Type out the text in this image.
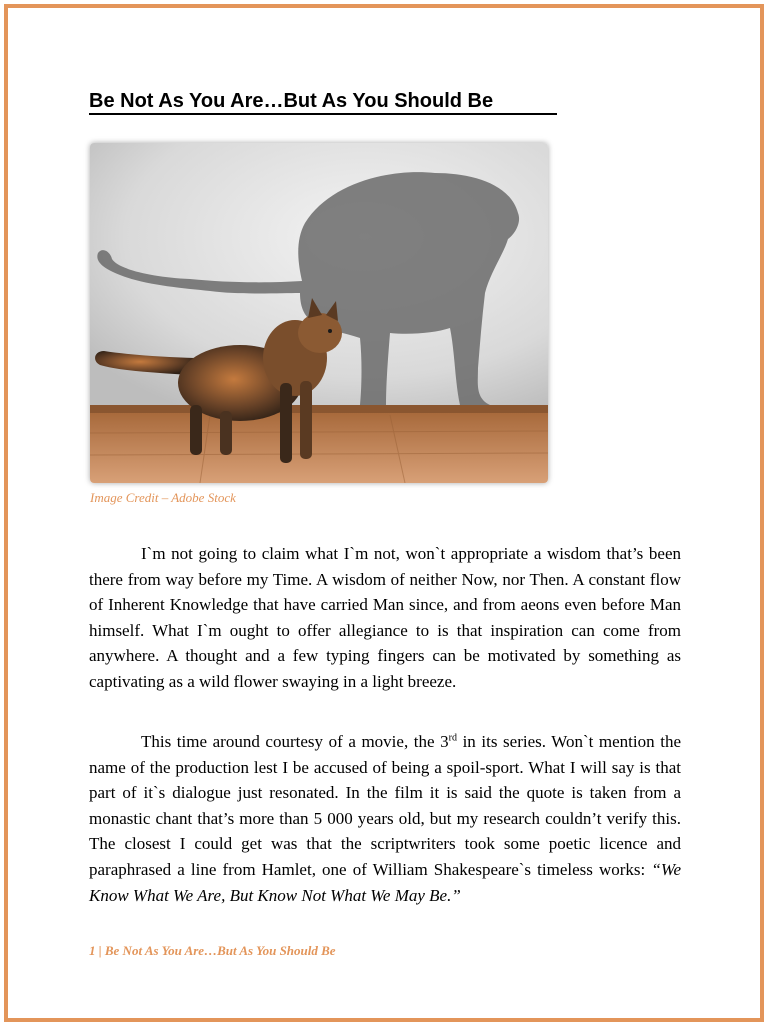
Be Not As You Are…But As You Should Be
Image Credit – Adobe Stock

I`m not going to claim what I`m not, won`t appropriate a wisdom that’s been there from way before my Time. A wisdom of neither Now, nor Then. A constant flow of Inherent Knowledge that have carried Man since, and from aeons even before Man himself. What I`m ought to offer allegiance to is that inspiration can come from anywhere. A thought and a few typing fingers can be motivated by something as captivating as a wild flower swaying in a light breeze.

This time around courtesy of a movie, the 3rd in its series. Won`t mention the name of the production lest I be accused of being a spoil-sport. What I will say is that part of it`s dialogue just resonated. In the film it is said the quote is taken from a monastic chant that’s more than 5 000 years old, but my research couldn’t verify this. The closest I could get was that the scriptwriters took some poetic licence and paraphrased a line from Hamlet, one of William Shakespeare`s timeless works: “We Know What We Are, But Know Not What We May Be.”

1 | Be Not As You Are…But As You Should Be
